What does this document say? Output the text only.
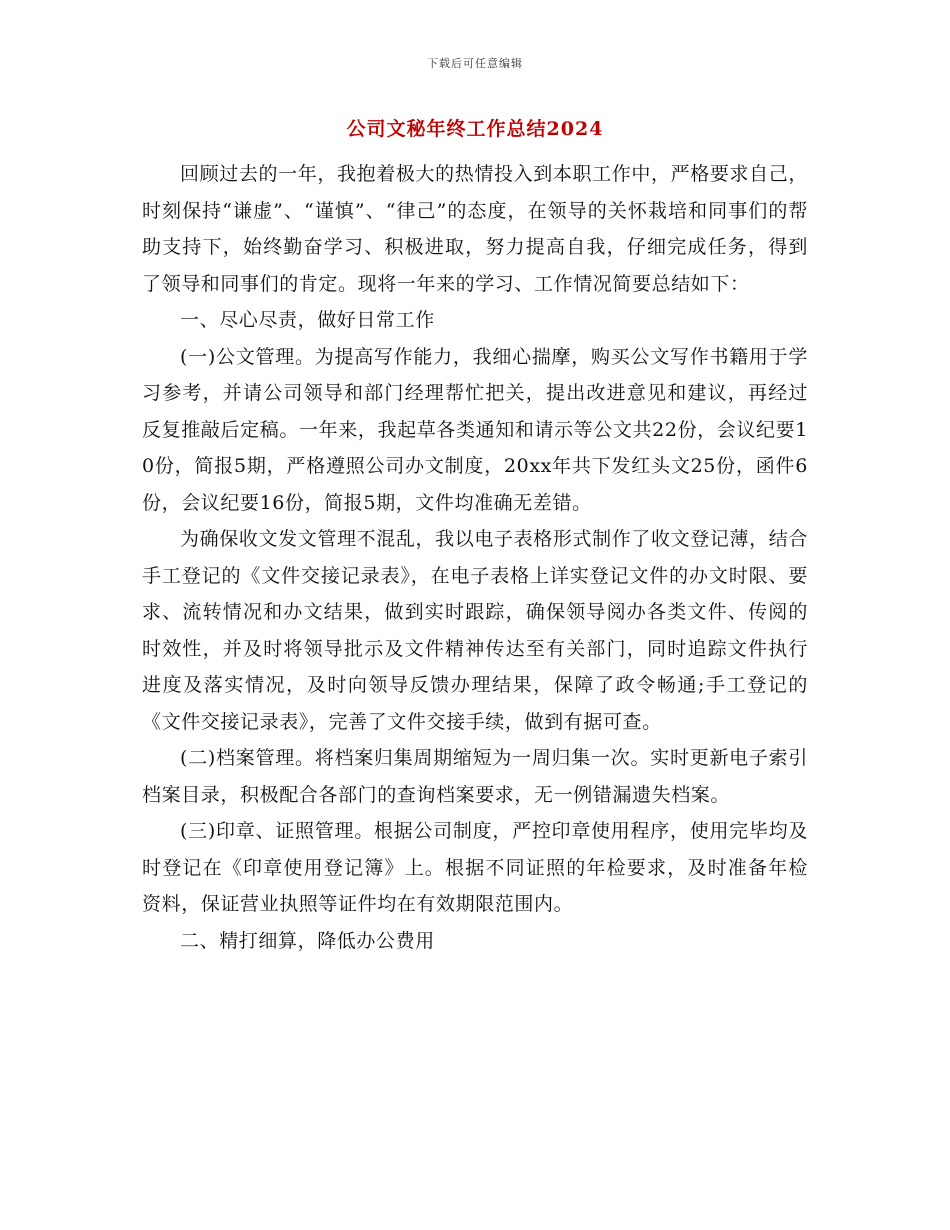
下载后可任意编辑
公司文秘年终工作总结2024

回顾过去的一年，我抱着极大的热情投入到本职工作中，严格要求自己，时刻保持“谦虚”、“谨慎”、“律己”的态度，在领导的关怀栽培和同事们的帮助支持下，始终勤奋学习、积极进取，努力提高自我，仔细完成任务，得到了领导和同事们的肯定。现将一年来的学习、工作情况简要总结如下：

一、尽心尽责，做好日常工作

(一)公文管理。为提高写作能力，我细心揣摩，购买公文写作书籍用于学习参考，并请公司领导和部门经理帮忙把关，提出改进意见和建议，再经过反复推敲后定稿。一年来，我起草各类通知和请示等公文共22份，会议纪要10份，简报5期，严格遵照公司办文制度，20xx年共下发红头文25份，函件6份，会议纪要16份，简报5期，文件均准确无差错。

为确保收文发文管理不混乱，我以电子表格形式制作了收文登记薄，结合手工登记的《文件交接记录表》，在电子表格上详实登记文件的办文时限、要求、流转情况和办文结果，做到实时跟踪，确保领导阅办各类文件、传阅的时效性，并及时将领导批示及文件精神传达至有关部门，同时追踪文件执行进度及落实情况，及时向领导反馈办理结果，保障了政令畅通;手工登记的《文件交接记录表》，完善了文件交接手续，做到有据可查。

(二)档案管理。将档案归集周期缩短为一周归集一次。实时更新电子索引档案目录，积极配合各部门的查询档案要求，无一例错漏遗失档案。

(三)印章、证照管理。根据公司制度，严控印章使用程序，使用完毕均及时登记在《印章使用登记簿》上。根据不同证照的年检要求，及时准备年检资料，保证营业执照等证件均在有效期限范围内。

二、精打细算，降低办公费用
